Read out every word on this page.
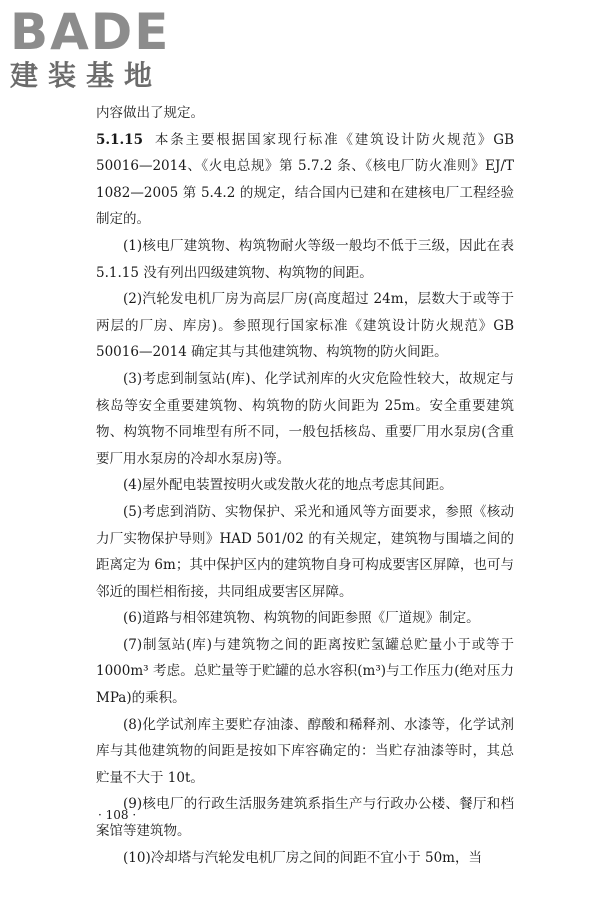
BADE
建装基地

内容做出了规定。

5.1.15 本条主要根据国家现行标准《建筑设计防火规范》GB 50016—2014、《火电总规》第 5.7.2 条、《核电厂防火准则》EJ/T 1082—2005 第 5.4.2 的规定，结合国内已建和在建核电厂工程经验制定的。

(1)核电厂建筑物、构筑物耐火等级一般均不低于三级，因此在表 5.1.15 没有列出四级建筑物、构筑物的间距。

(2)汽轮发电机厂房为高层厂房(高度超过 24m，层数大于或等于两层的厂房、库房)。参照现行国家标准《建筑设计防火规范》GB 50016—2014 确定其与其他建筑物、构筑物的防火间距。

(3)考虑到制氢站(库)、化学试剂库的火灾危险性较大，故规定与核岛等安全重要建筑物、构筑物的防火间距为 25m。安全重要建筑物、构筑物不同堆型有所不同，一般包括核岛、重要厂用水泵房(含重要厂用水泵房的冷却水泵房)等。

(4)屋外配电装置按明火或发散火花的地点考虑其间距。

(5)考虑到消防、实物保护、采光和通风等方面要求，参照《核动力厂实物保护导则》HAD 501/02 的有关规定，建筑物与围墙之间的距离定为 6m；其中保护区内的建筑物自身可构成要害区屏障，也可与邻近的围栏相衔接，共同组成要害区屏障。

(6)道路与相邻建筑物、构筑物的间距参照《厂道规》制定。

(7)制氢站(库)与建筑物之间的距离按贮氢罐总贮量小于或等于 1000m³ 考虑。总贮量等于贮罐的总水容积(m³)与工作压力(绝对压力 MPa)的乘积。

(8)化学试剂库主要贮存油漆、醇酸和稀释剂、水漆等，化学试剂库与其他建筑物的间距是按如下库容确定的：当贮存油漆等时，其总贮量不大于 10t。

(9)核电厂的行政生活服务建筑系指生产与行政办公楼、餐厅和档案馆等建筑物。

(10)冷却塔与汽轮发电机厂房之间的间距不宜小于 50m，当

· 108 ·
